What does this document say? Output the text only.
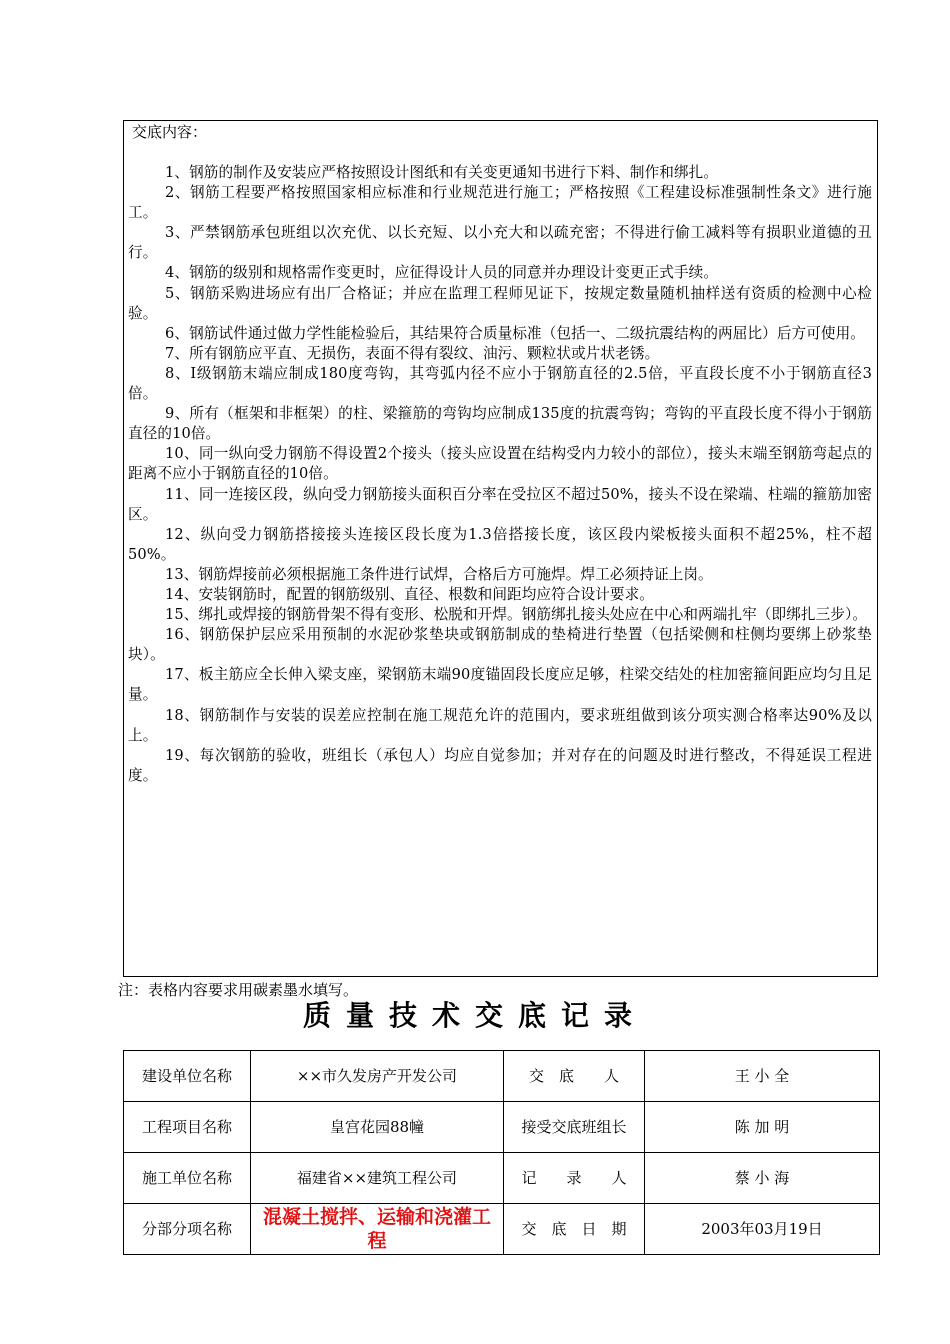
交底内容：

1、钢筋的制作及安装应严格按照设计图纸和有关变更通知书进行下料、制作和绑扎。

2、钢筋工程要严格按照国家相应标准和行业规范进行施工；严格按照《工程建设标准强制性条文》进行施工。

3、严禁钢筋承包班组以次充优、以长充短、以小充大和以疏充密；不得进行偷工减料等有损职业道德的丑行。

4、钢筋的级别和规格需作变更时，应征得设计人员的同意并办理设计变更正式手续。

5、钢筋采购进场应有出厂合格证；并应在监理工程师见证下，按规定数量随机抽样送有资质的检测中心检验。

6、钢筋试件通过做力学性能检验后，其结果符合质量标准（包括一、二级抗震结构的两屈比）后方可使用。

7、所有钢筋应平直、无损伤，表面不得有裂纹、油污、颗粒状或片状老锈。

8、Ⅰ级钢筋末端应制成180度弯钩，其弯弧内径不应小于钢筋直径的2.5倍，平直段长度不小于钢筋直径3倍。

9、所有（框架和非框架）的柱、梁箍筋的弯钩均应制成135度的抗震弯钩；弯钩的平直段长度不得小于钢筋直径的10倍。

10、同一纵向受力钢筋不得设置2个接头（接头应设置在结构受内力较小的部位），接头末端至钢筋弯起点的距离不应小于钢筋直径的10倍。

11、同一连接区段，纵向受力钢筋接头面积百分率在受拉区不超过50%，接头不设在梁端、柱端的箍筋加密区。

12、纵向受力钢筋搭接接头连接区段长度为1.3倍搭接长度，该区段内梁板接头面积不超25%，柱不超50%。

13、钢筋焊接前必须根据施工条件进行试焊，合格后方可施焊。焊工必须持证上岗。

14、安装钢筋时，配置的钢筋级别、直径、根数和间距均应符合设计要求。

15、绑扎或焊接的钢筋骨架不得有变形、松脱和开焊。钢筋绑扎接头处应在中心和两端扎牢（即绑扎三步）。

16、钢筋保护层应采用预制的水泥砂浆垫块或钢筋制成的垫椅进行垫置（包括梁侧和柱侧均要绑上砂浆垫块）。

17、板主筋应全长伸入梁支座，梁钢筋末端90度锚固段长度应足够，柱梁交结处的柱加密箍间距应均匀且足量。

18、钢筋制作与安装的误差应控制在施工规范允许的范围内，要求班组做到该分项实测合格率达90%及以上。

19、每次钢筋的验收，班组长（承包人）均应自觉参加；并对存在的问题及时进行整改，不得延误工程进度。

注：表格内容要求用碳素墨水填写。
质量技术交底记录
建设单位名称	××市久发房产开发公司	交　底　　人	王 小 全
工程项目名称	皇宫花园88幢	接受交底班组长	陈 加 明
施工单位名称	福建省××建筑工程公司	记　　录　　人	蔡 小 海
分部分项名称	混凝土搅拌、运输和浇灌工程	交　底　日　期	2003年03月19日
